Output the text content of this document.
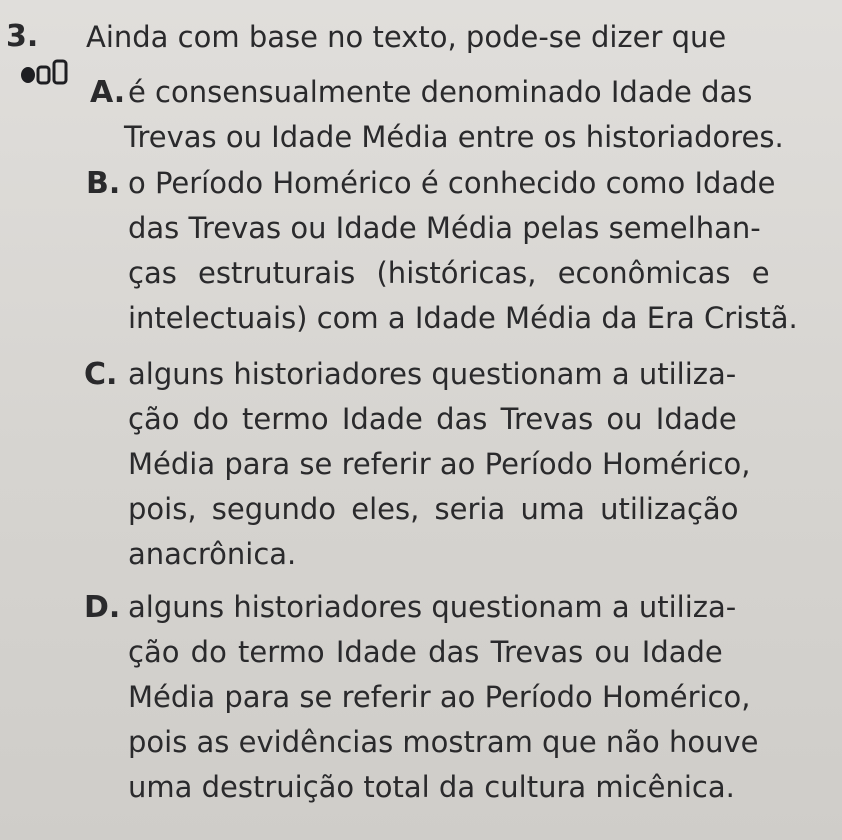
3. Ainda com base no texto, pode-se dizer que
A. é consensualmente denominado Idade das
Trevas ou Idade Média entre os historiadores.
B. o Período Homérico é conhecido como Idade
das Trevas ou Idade Média pelas semelhan-
ças estruturais (históricas, econômicas e
intelectuais) com a Idade Média da Era Cristã.
C. alguns historiadores questionam a utiliza-
ção do termo Idade das Trevas ou Idade
Média para se referir ao Período Homérico,
pois, segundo eles, seria uma utilização
anacrônica.
D. alguns historiadores questionam a utiliza-
ção do termo Idade das Trevas ou Idade
Média para se referir ao Período Homérico,
pois as evidências mostram que não houve
uma destruição total da cultura micênica.
